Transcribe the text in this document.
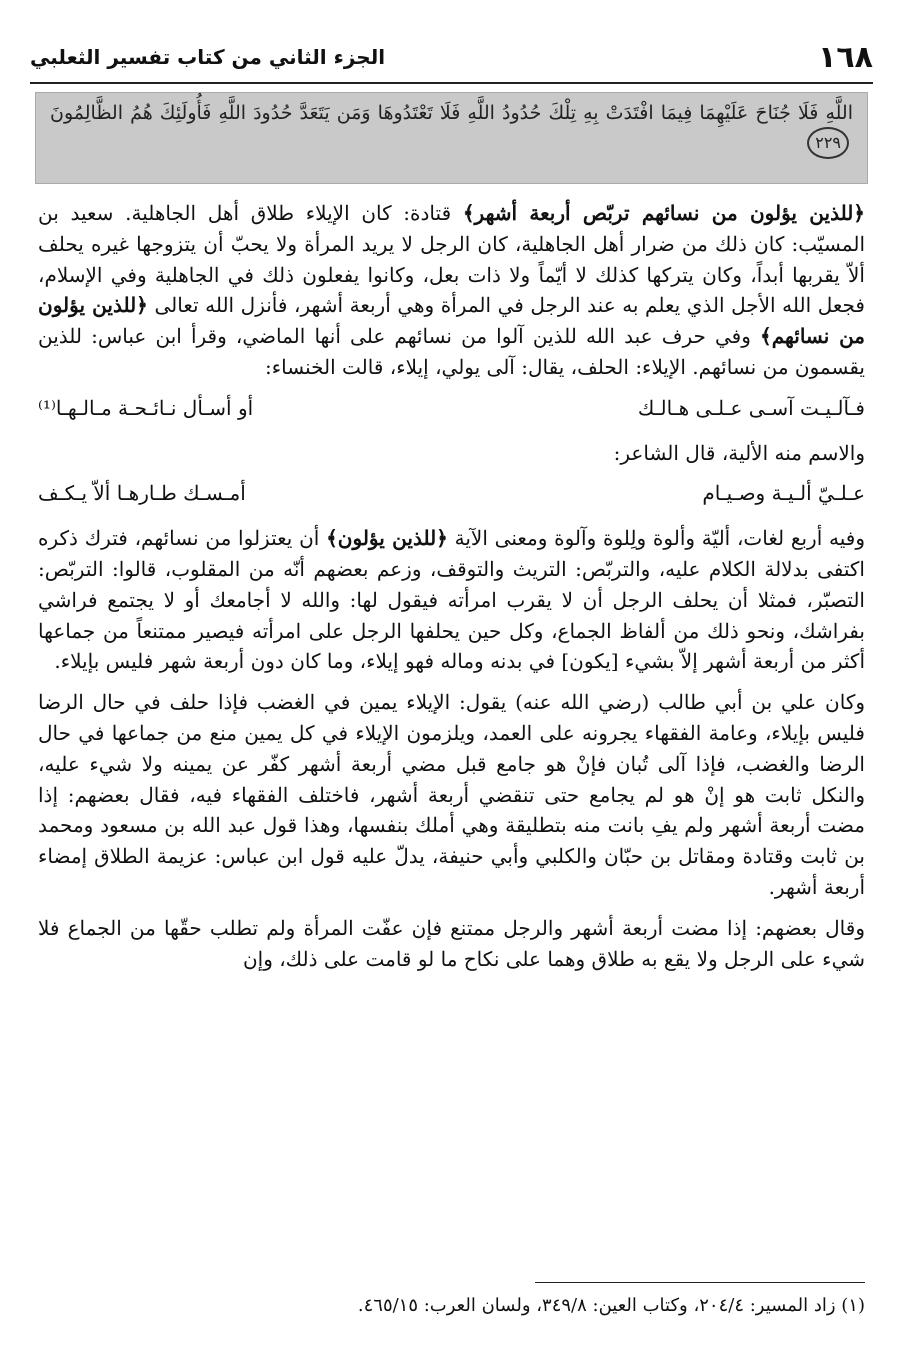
١٦٨
الجزء الثاني من كتاب تفسير الثعلبي
اللَّهِ فَلَا جُنَاحَ عَلَيْهِمَا فِيمَا افْتَدَتْ بِهِ تِلْكَ حُدُودُ اللَّهِ فَلَا تَعْتَدُوهَا وَمَن يَتَعَدَّ حُدُودَ اللَّهِ فَأُولَئِكَ هُمُ الظَّالِمُونَ ٢٢٩

﴿للذين يؤلون من نسائهم تربّص أربعة أشهر﴾ قتادة: كان الإيلاء طلاق أهل الجاهلية. سعيد بن المسيّب: كان ذلك من ضرار أهل الجاهلية، كان الرجل لا يريد المرأة ولا يحبّ أن يتزوجها غيره يحلف ألاّ يقربها أبداً، وكان يتركها كذلك لا أيّماً ولا ذات بعل، وكانوا يفعلون ذلك في الجاهلية وفي الإسلام، فجعل الله الأجل الذي يعلم به عند الرجل في المرأة وهي أربعة أشهر، فأنزل الله تعالى ﴿للذين يؤلون من نسائهم﴾ وفي حرف عبد الله للذين آلوا من نسائهم على أنها الماضي، وقرأ ابن عباس: للذين يقسمون من نسائهم. الإيلاء: الحلف، يقال: آلى يولي، إيلاء، قالت الخنساء:

فـآلـيـت آسـى عـلـى هـالـك
أو أسـأل نـائـحـة مـالـهـا⁽¹⁾

والاسم منه الألية، قال الشاعر:

عـلـيّ ألـيـة وصـيـام
أمـسـك طـارهـا ألاّ يـكـف

وفيه أربع لغات، أليّة وألوة ولِلوة وآلوة ومعنى الآية ﴿للذين يؤلون﴾ أن يعتزلوا من نسائهم، فترك ذكره اكتفى بدلالة الكلام عليه، والتربّص: التريث والتوقف، وزعم بعضهم أنّه من المقلوب، قالوا: التربّص: التصبّر، فمثلا أن يحلف الرجل أن لا يقرب امرأته فيقول لها: والله لا أجامعك أو لا يجتمع فراشي بفراشك، ونحو ذلك من ألفاظ الجماع، وكل حين يحلفها الرجل على امرأته فيصير ممتنعاً من جماعها أكثر من أربعة أشهر إلاّ بشيء [يكون] في بدنه وماله فهو إيلاء، وما كان دون أربعة شهر فليس بإيلاء.

وكان علي بن أبي طالب (رضي الله عنه) يقول: الإيلاء يمين في الغضب فإذا حلف في حال الرضا فليس بإيلاء، وعامة الفقهاء يجرونه على العمد، ويلزمون الإيلاء في كل يمين منع من جماعها في حال الرضا والغضب، فإذا آلى تُبان فإنْ هو جامع قبل مضي أربعة أشهر كفّر عن يمينه ولا شيء عليه، والنكل ثابت هو إنْ هو لم يجامع حتى تنقضي أربعة أشهر، فاختلف الفقهاء فيه، فقال بعضهم: إذا مضت أربعة أشهر ولم يفِ بانت منه بتطليقة وهي أملك بنفسها، وهذا قول عبد الله بن مسعود ومحمد بن ثابت وقتادة ومقاتل بن حبّان والكلبي وأبي حنيفة، يدلّ عليه قول ابن عباس: عزيمة الطلاق إمضاء أربعة أشهر.

وقال بعضهم: إذا مضت أربعة أشهر والرجل ممتنع فإن عفّت المرأة ولم تطلب حقّها من الجماع فلا شيء على الرجل ولا يقع به طلاق وهما على نكاح ما لو قامت على ذلك، وإن

(١) زاد المسير: ٢٠٤/٤، وكتاب العين: ٣٤٩/٨، ولسان العرب: ٤٦٥/١٥.
